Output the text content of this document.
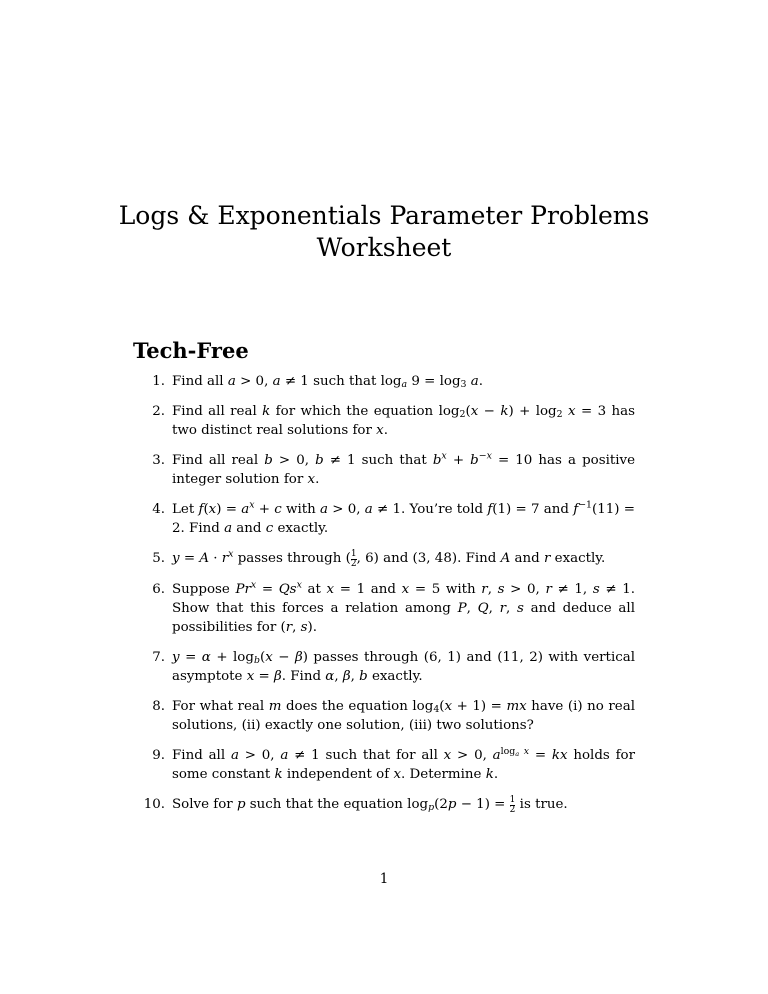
Logs & Exponentials Parameter Problems
Worksheet
Tech-Free
1. Find all a > 0, a ≠ 1 such that $\log_a 9 = \log_3 a$.
2. Find all real k for which the equation $\log_2(x - k) + \log_2 x = 3$ has two distinct real solutions for x.
3. Find all real b > 0, b ≠ 1 such that $b^x + b^{-x} = 10$ has a positive integer solution for x.
4. Let $f(x) = a^x + c$ with a > 0, a ≠ 1. You’re told f(1) = 7 and $f^{-1}(11) = 2$. Find a and c exactly.
5. $y = A \cdot r^x$ passes through ( $\frac{1}{2}$ , 6) and (3, 48). Find A and r exactly.
6. Suppose $Pr^x = Qs^x$ at x = 1 and x = 5 with r, s > 0, r ≠ 1, s ≠ 1. Show that this forces a relation among P, Q, r, s and deduce all possibilities for (r, s).
7. $y = \alpha + \log_b(x - \beta)$ passes through (6, 1) and (11, 2) with vertical asymptote x = β. Find α, β, b exactly.
8. For what real m does the equation $\log_4(x + 1)$ = mx have (i) no real solutions, (ii) exactly one solution, (iii) two solutions?
9. Find all a > 0, a ≠ 1 such that for all x > 0, $a^{log_a x}$ = kx holds for some constant k independent of x. Determine k.
10. Solve for p such that the equation $\log_p(2p - 1) = \frac{1}{2}$ is true.
1
